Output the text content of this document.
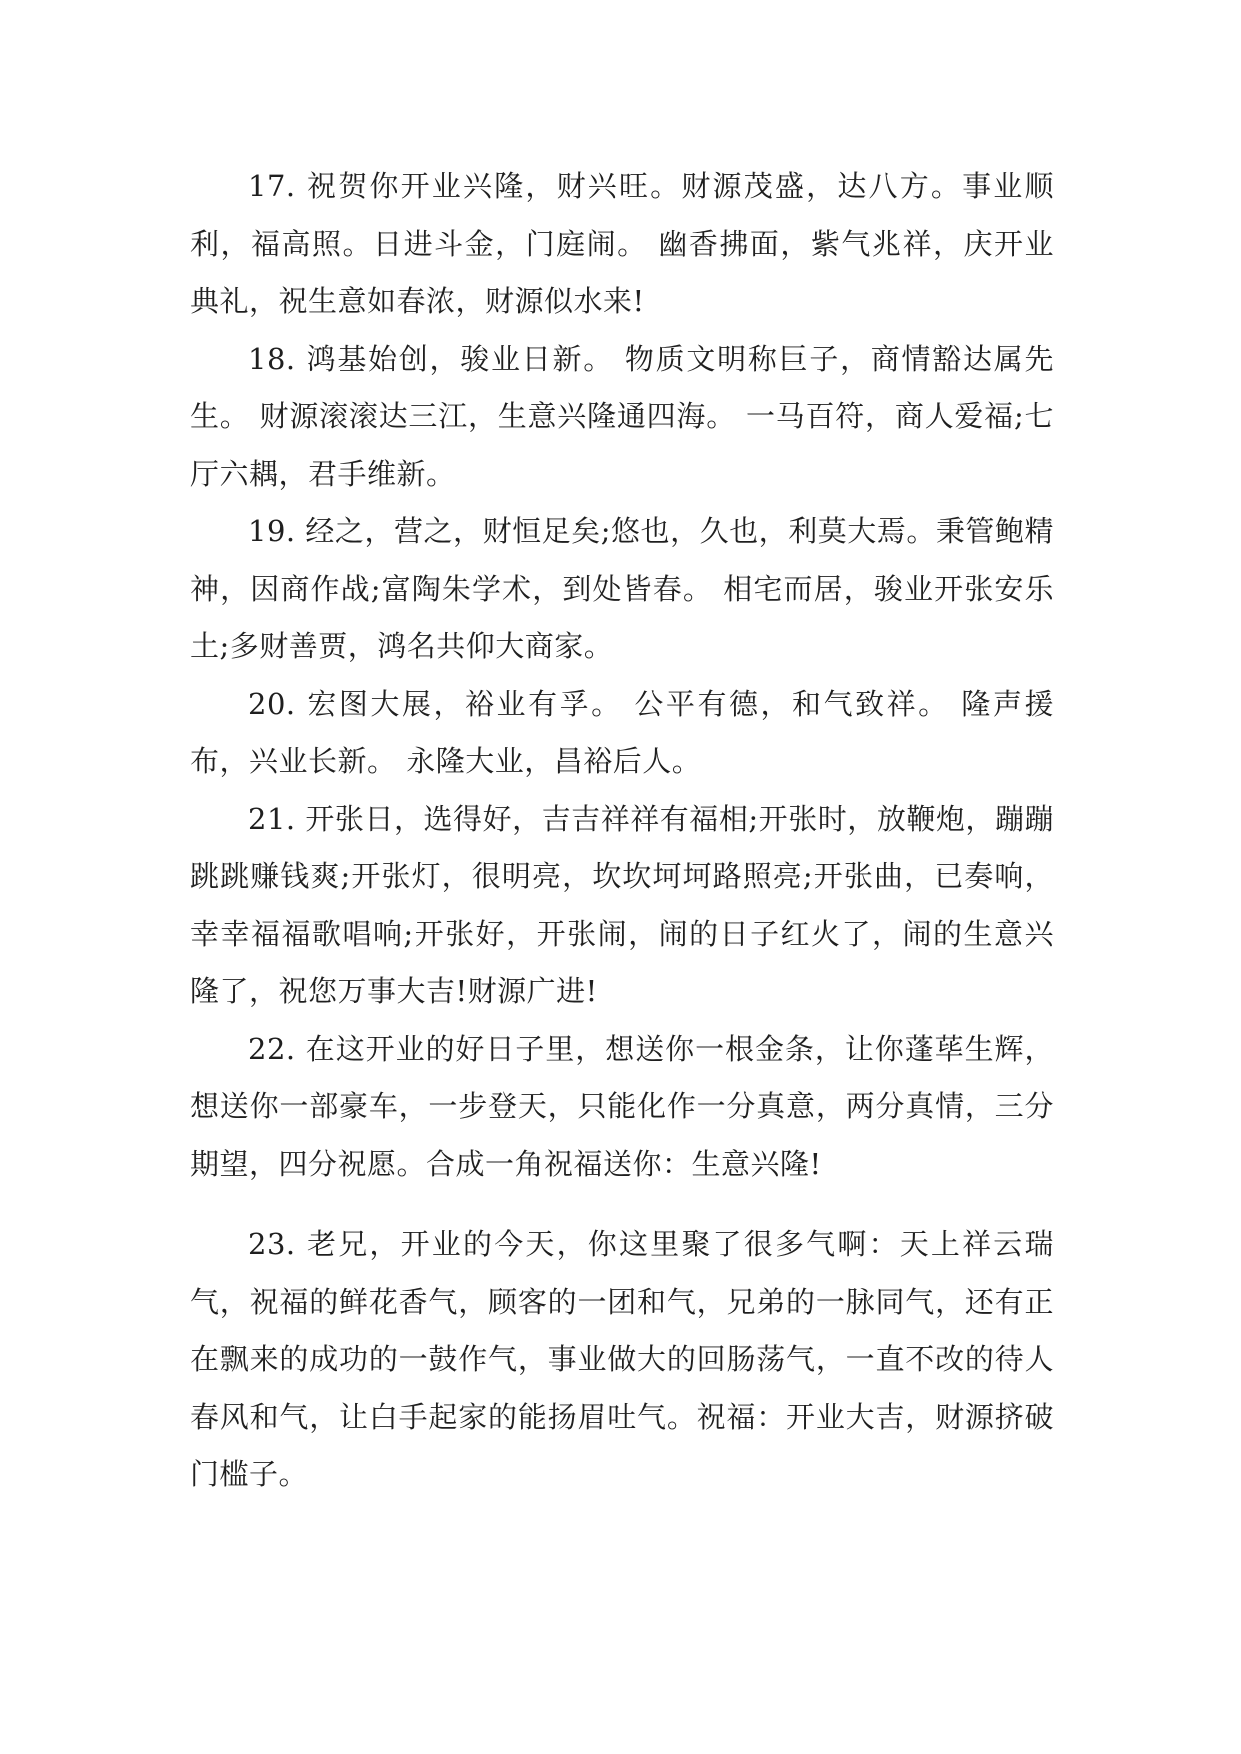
17. 祝贺你开业兴隆，财兴旺。财源茂盛，达八方。事业顺利，福高照。日进斗金，门庭闹。 幽香拂面，紫气兆祥，庆开业典礼，祝生意如春浓，财源似水来!

18. 鸿基始创，骏业日新。 物质文明称巨子，商情豁达属先生。 财源滚滚达三江，生意兴隆通四海。 一马百符，商人爱福;七厅六耦，君手维新。

19. 经之，营之，财恒足矣;悠也，久也，利莫大焉。秉管鲍精神，因商作战;富陶朱学术，到处皆春。 相宅而居，骏业开张安乐土;多财善贾，鸿名共仰大商家。

20. 宏图大展，裕业有孚。 公平有德，和气致祥。 隆声援布，兴业长新。 永隆大业，昌裕后人。

21. 开张日，选得好，吉吉祥祥有福相;开张时，放鞭炮，蹦蹦跳跳赚钱爽;开张灯，很明亮，坎坎坷坷路照亮;开张曲，已奏响，幸幸福福歌唱响;开张好，开张闹，闹的日子红火了，闹的生意兴隆了，祝您万事大吉!财源广进!

22. 在这开业的好日子里，想送你一根金条，让你蓬荜生辉，想送你一部豪车，一步登天，只能化作一分真意，两分真情，三分期望，四分祝愿。合成一角祝福送你：生意兴隆!

23. 老兄，开业的今天，你这里聚了很多气啊：天上祥云瑞气，祝福的鲜花香气，顾客的一团和气，兄弟的一脉同气，还有正在飘来的成功的一鼓作气，事业做大的回肠荡气，一直不改的待人春风和气，让白手起家的能扬眉吐气。祝福：开业大吉，财源挤破门槛子。
